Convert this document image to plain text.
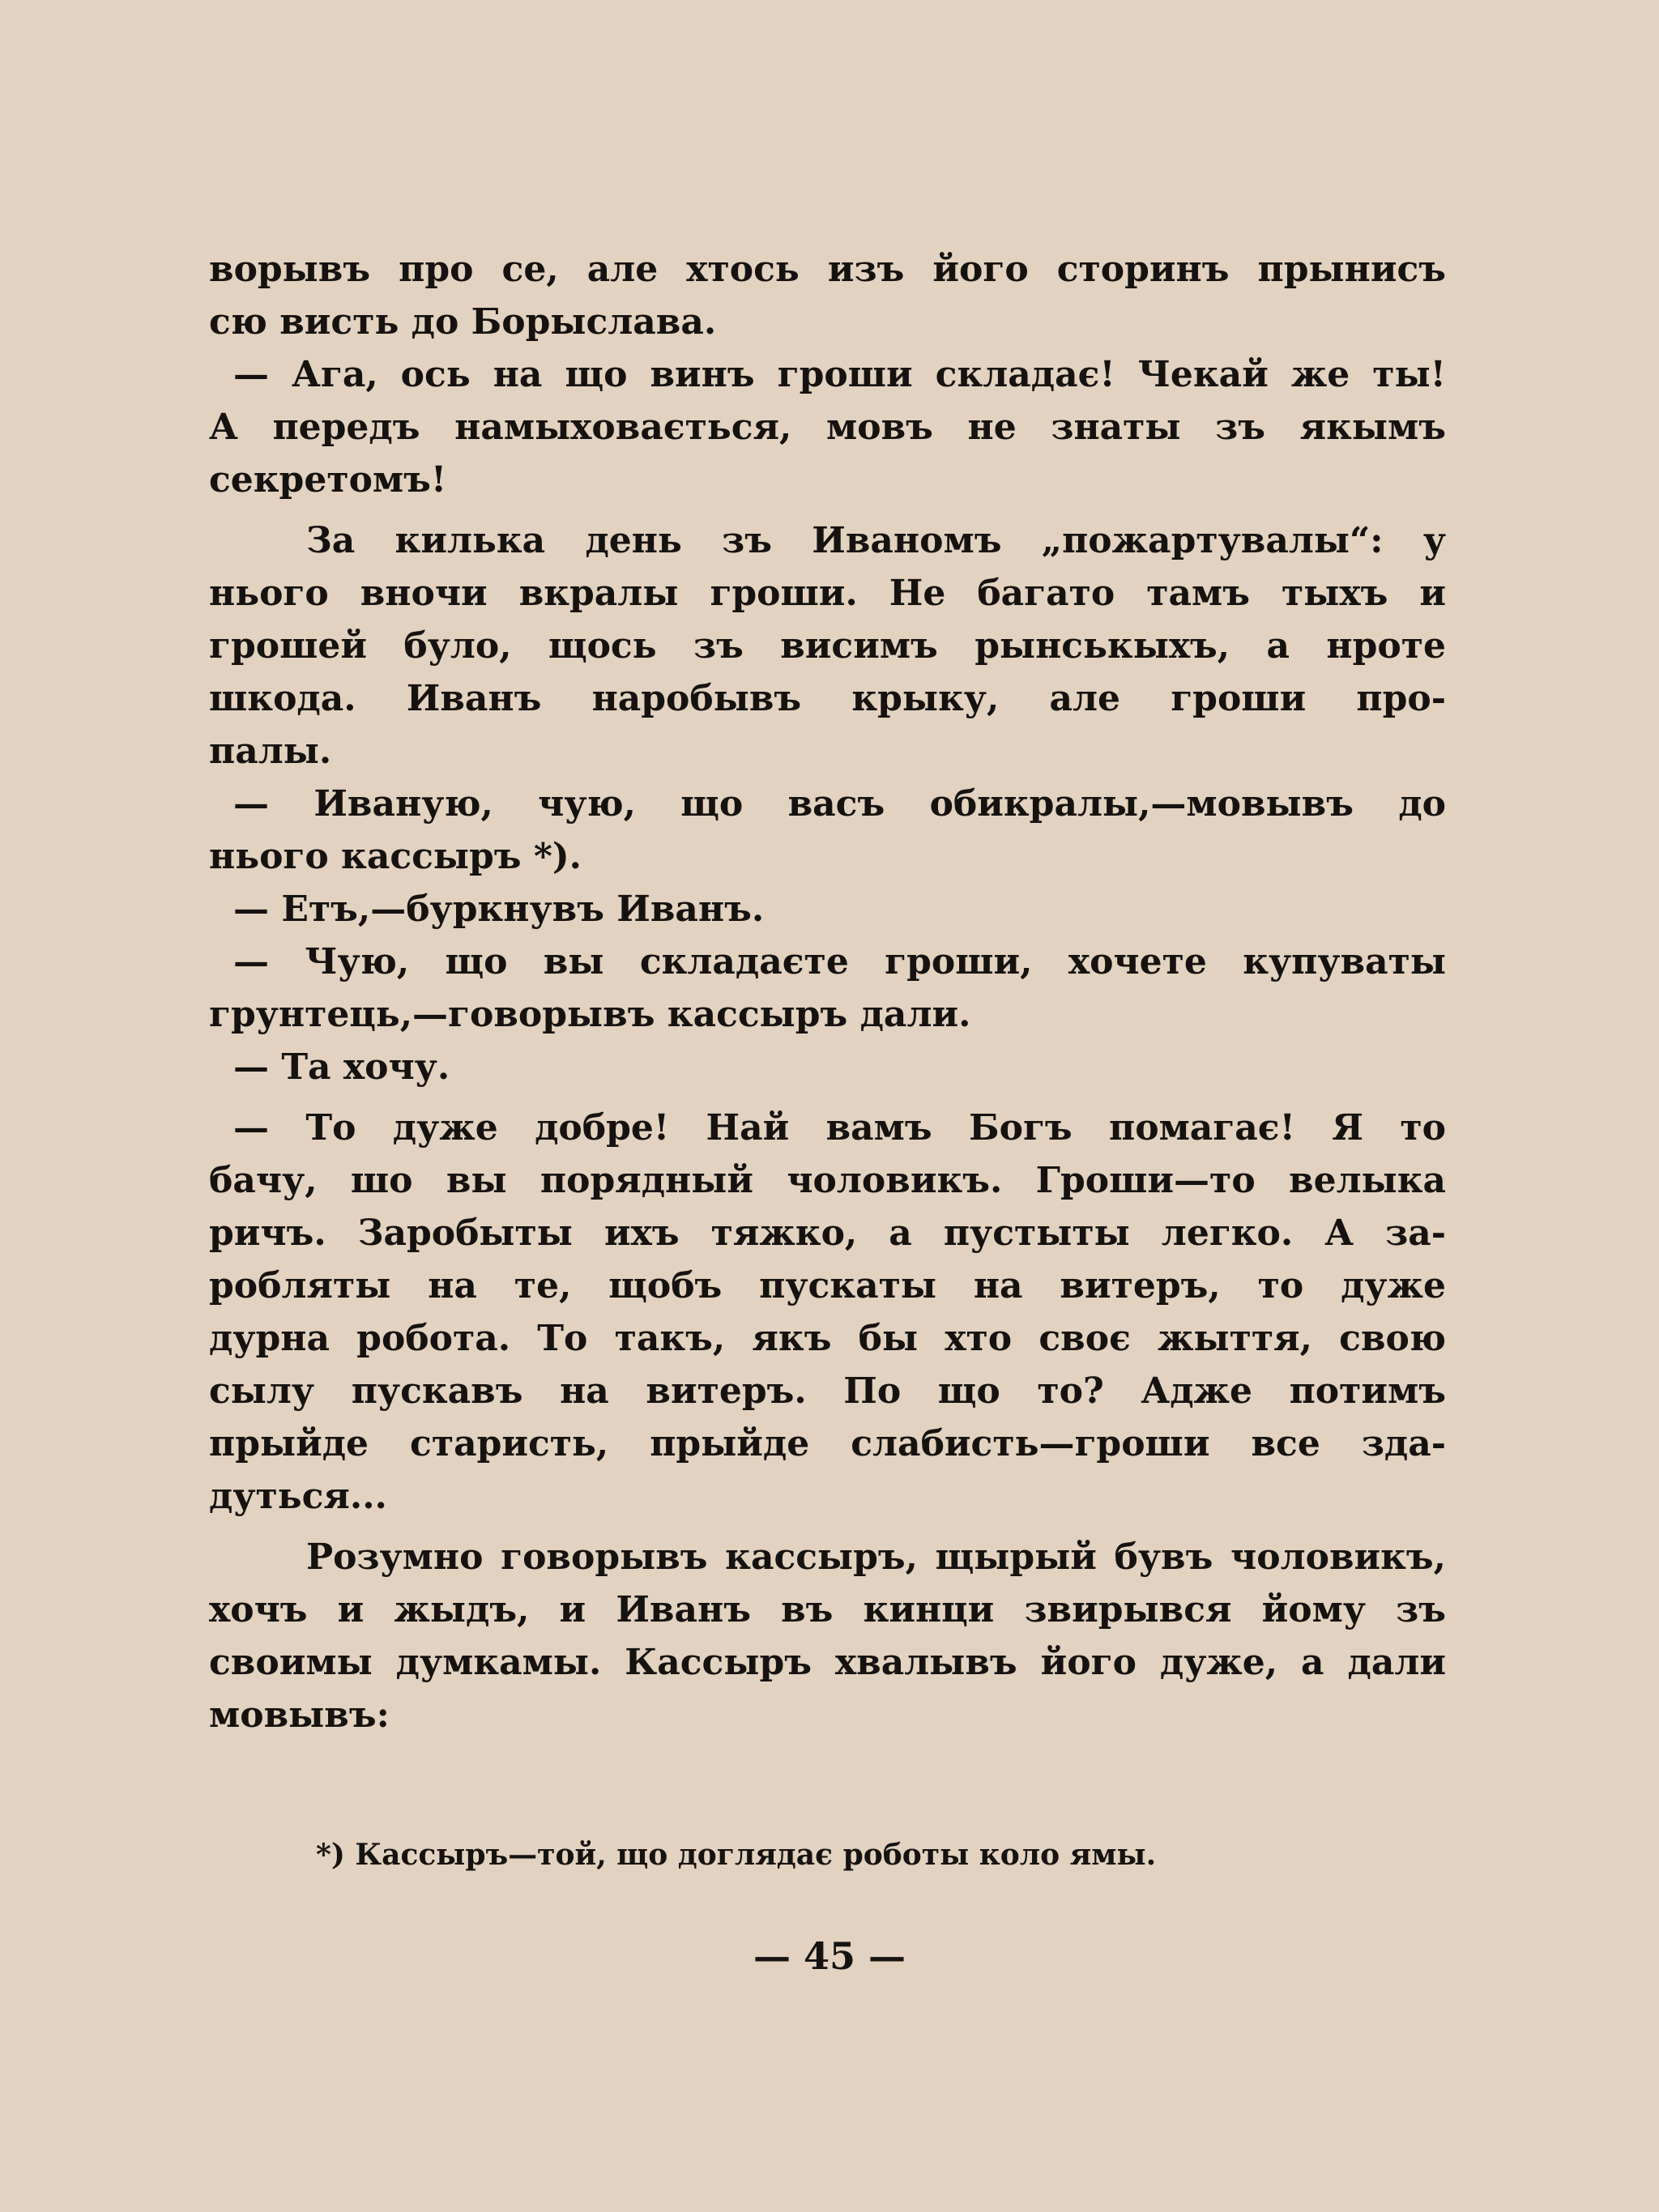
ворывъ про се, але хтось изъ його сторинъ прынисъ
сю висть до Борыслава.
— Ага, ось на що винъ гроши складає! Чекай же ты!
А передъ намыховається, мовъ не знаты зъ якымъ
секретомъ!
За килька день зъ Иваномъ „пожартувалы“: у
нього вночи вкралы гроши. Не багато тамъ тыхъ и
грошей було, щось зъ висимъ рынськыхъ, а нроте
шкода. Иванъ наробывъ крыку, але гроши про-
палы.
— Иваную, чую, що васъ обикралы,—мовывъ до
нього кассыръ *).
— Етъ,—буркнувъ Иванъ.
— Чую, що вы складаєте гроши, хочете купуваты
грунтець,—говорывъ кассыръ дали.
— Та хочу.
— То дуже добре! Най вамъ Богъ помагає! Я то
бачу, шо вы порядный чоловикъ. Гроши—то велыка
ричъ. Заробыты ихъ тяжко, а пустыты легко. А за-
робляты на те, щобъ пускаты на витеръ, то дуже
дурна робота. То такъ, якъ бы хто своє жыття, свою
сылу пускавъ на витеръ. По що то? Адже потимъ
прыйде старисть, прыйде слабисть—гроши все зда-
дуться...
Розумно говорывъ кассыръ, щырый бувъ чоловикъ,
хочъ и жыдъ, и Иванъ въ кинци звирывся йому зъ
своимы думкамы. Кассыръ хвалывъ його дуже, а дали
мовывъ:
*) Кассыръ—той, що доглядає роботы коло ямы.
— 45 —
